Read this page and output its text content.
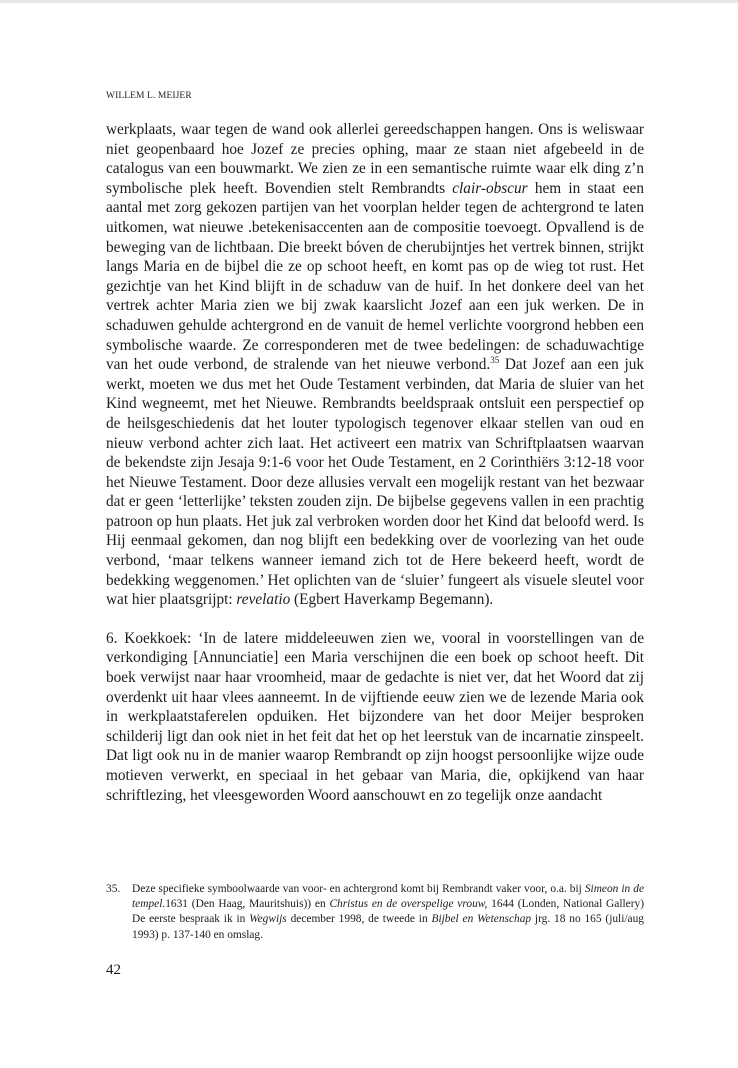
WILLEM L. MEIJER

werkplaats, waar tegen de wand ook allerlei gereedschappen hangen. Ons is weliswaar niet geopenbaard hoe Jozef ze precies ophing, maar ze staan niet afgebeeld in de catalogus van een bouwmarkt. We zien ze in een semantische ruimte waar elk ding z’n symbolische plek heeft. Bovendien stelt Rembrandts clair-obscur hem in staat een aantal met zorg gekozen partijen van het voorplan helder tegen de achtergrond te laten uitkomen, wat nieuwe .betekenisaccenten aan de compositie toevoegt. Opvallend is de beweging van de lichtbaan. Die breekt bóven de cherubijntjes het vertrek binnen, strijkt langs Maria en de bijbel die ze op schoot heeft, en komt pas op de wieg tot rust. Het gezichtje van het Kind blijft in de schaduw van de huif. In het donkere deel van het vertrek achter Maria zien we bij zwak kaarslicht Jozef aan een juk werken. De in schaduwen gehulde achtergrond en de vanuit de hemel verlichte voorgrond hebben een symbolische waarde. Ze corresponderen met de twee bedelingen: de schaduwachtige van het oude verbond, de stralende van het nieuwe verbond.$^{35}$ Dat Jozef aan een juk werkt, moeten we dus met het Oude Testament verbinden, dat Maria de sluier van het Kind wegneemt, met het Nieuwe. Rembrandts beeldspraak ontsluit een perspectief op de heilsgeschiedenis dat het louter typologisch tegenover elkaar stellen van oud en nieuw verbond achter zich laat. Het activeert een matrix van Schriftplaatsen waarvan de bekendste zijn Jesaja 9:1-6 voor het Oude Testament, en 2 Corinthiërs 3:12-18 voor het Nieuwe Testament. Door deze allusies vervalt een mogelijk restant van het bezwaar dat er geen ‘letterlijke’ teksten zouden zijn. De bijbelse gegevens vallen in een prachtig patroon op hun plaats. Het juk zal verbroken worden door het Kind dat beloofd werd. Is Hij eenmaal gekomen, dan nog blijft een bedekking over de voorlezing van het oude verbond, ‘maar telkens wanneer iemand zich tot de Here bekeerd heeft, wordt de bedekking weggenomen.’ Het oplichten van de ‘sluier’ fungeert als visuele sleutel voor wat hier plaatsgrijpt: revelatio (Egbert Haverkamp Begemann).

6. Koekkoek: ‘In de latere middeleeuwen zien we, vooral in voorstellingen van de verkondiging [Annunciatie] een Maria verschijnen die een boek op schoot heeft. Dit boek verwijst naar haar vroomheid, maar de gedachte is niet ver, dat het Woord dat zij overdenkt uit haar vlees aanneemt. In de vijftiende eeuw zien we de lezende Maria ook in werkplaatstaferelen opduiken. Het bijzondere van het door Meijer besproken schilderij ligt dan ook niet in het feit dat het op het leerstuk van de incarnatie zinspeelt. Dat ligt ook nu in de manier waarop Rembrandt op zijn hoogst persoonlijke wijze oude motieven verwerkt, en speciaal in het gebaar van Maria, die, opkijkend van haar schriftlezing, het vleesgeworden Woord aanschouwt en zo tegelijk onze aandacht

35.	Deze specifieke symboolwaarde van voor- en achtergrond komt bij Rembrandt vaker voor, o.a. bij Simeon in de tempel.1631 (Den Haag, Mauritshuis)) en Christus en de overspelige vrouw, 1644 (Londen, National Gallery) De eerste bespraak ik in Wegwijs december 1998, de tweede in Bijbel en Wetenschap jrg. 18 no 165 (juli/aug 1993) p. 137-140 en omslag.
42
